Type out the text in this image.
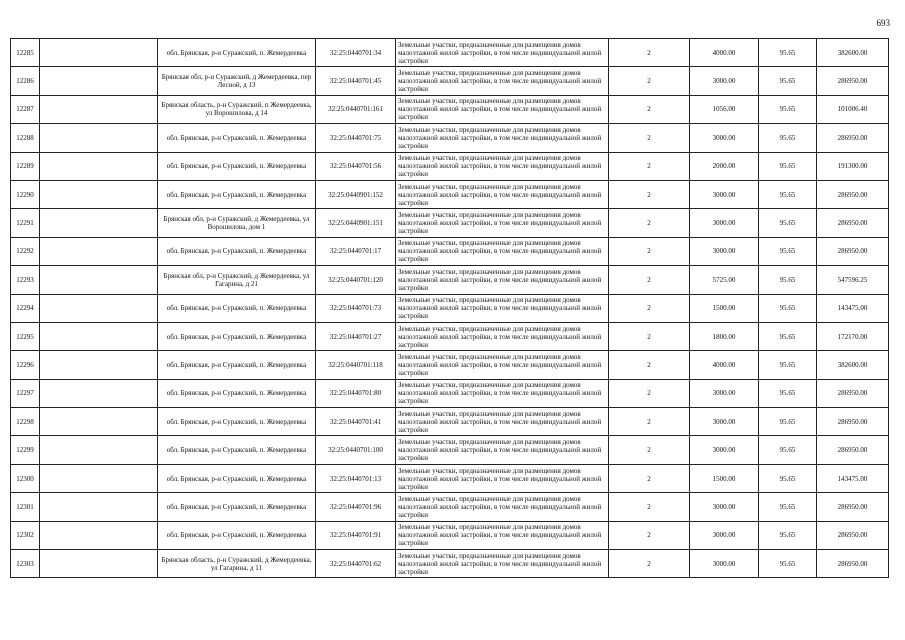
693
12285		обл. Брянская, р-н Суражский, п. Жемердеевка	32:25:0440701:34	Земельные участки, предназначенные для размещения домов малоэтажной жилой застройки, в том числе индивидуальной жилой застройки	2	4000.00	95.65	382600.00
12286		Брянская обл, р-н Суражский, д Жемердеевка, пер Лесной, д 13	32:25:0440701:45	Земельные участки, предназначенные для размещения домов малоэтажной жилой застройки, в том числе индивидуальной жилой застройки	2	3000.00	95.65	286950.00
12287		Брянская область, р-н Суражский, п Жемердеевка, ул Ворошилова, д 14	32:25:0440701:161	Земельные участки, предназначенные для размещения домов малоэтажной жилой застройки, в том числе индивидуальной жилой застройки	2	1056.00	95.65	101006.40
12288		обл. Брянская, р-н Суражский, п. Жемердеевка	32:25:0440701:75	Земельные участки, предназначенные для размещения домов малоэтажной жилой застройки, в том числе индивидуальной жилой застройки	2	3000.00	95.65	286950.00
12289		обл. Брянская, р-н Суражский, п. Жемердеевка	32:25:0440701:56	Земельные участки, предназначенные для размещения домов малоэтажной жилой застройки, в том числе индивидуальной жилой застройки	2	2000.00	95.65	191300.00
12290		обл. Брянская, р-н Суражский, п. Жемердеевка	32:25:0440901:152	Земельные участки, предназначенные для размещения домов малоэтажной жилой застройки, в том числе индивидуальной жилой застройки	2	3000.00	95.65	286950.00
12291		Брянская обл, р-н Суражский, д Жемердеевка, ул Ворошилова, дом 1	32:25:0440901:151	Земельные участки, предназначенные для размещения домов малоэтажной жилой застройки, в том числе индивидуальной жилой застройки	2	3000.00	95.65	286950.00
12292		обл. Брянская, р-н Суражский, п. Жемердеевка	32:25:0440701:17	Земельные участки, предназначенные для размещения домов малоэтажной жилой застройки, в том числе индивидуальной жилой застройки	2	3000.00	95.65	286950.00
12293		Брянская обл, р-н Суражский, д Жемердеевка, ул Гагарина, д 21	32:25:0440701:120	Земельные участки, предназначенные для размещения домов малоэтажной жилой застройки, в том числе индивидуальной жилой застройки	2	5725.00	95.65	547596.25
12294		обл. Брянская, р-н Суражский, п. Жемердеевка	32:25:0440701:73	Земельные участки, предназначенные для размещения домов малоэтажной жилой застройки, в том числе индивидуальной жилой застройки	2	1500.00	95.65	143475.00
12295		обл. Брянская, р-н Суражский, п. Жемердеевка	32:25:0440701:27	Земельные участки, предназначенные для размещения домов малоэтажной жилой застройки, в том числе индивидуальной жилой застройки	2	1800.00	95.65	172170.00
12296		обл. Брянская, р-н Суражский, п. Жемердеевка	32:25:0440701:118	Земельные участки, предназначенные для размещения домов малоэтажной жилой застройки, в том числе индивидуальной жилой застройки	2	4000.00	95.65	382600.00
12297		обл. Брянская, р-н Суражский, п. Жемердеевка	32:25:0440701:80	Земельные участки, предназначенные для размещения домов малоэтажной жилой застройки, в том числе индивидуальной жилой застройки	2	3000.00	95.65	286950.00
12298		обл. Брянская, р-н Суражский, п. Жемердеевка	32:25:0440701:41	Земельные участки, предназначенные для размещения домов малоэтажной жилой застройки, в том числе индивидуальной жилой застройки	2	3000.00	95.65	286950.00
12299		обл. Брянская, р-н Суражский, п. Жемердеевка	32:25:0440701:100	Земельные участки, предназначенные для размещения домов малоэтажной жилой застройки, в том числе индивидуальной жилой застройки	2	3000.00	95.65	286950.00
12300		обл. Брянская, р-н Суражский, п. Жемердеевка	32:25:0440701:13	Земельные участки, предназначенные для размещения домов малоэтажной жилой застройки, в том числе индивидуальной жилой застройки	2	1500.00	95.65	143475.00
12301		обл. Брянская, р-н Суражский, п. Жемердеевка	32:25:0440701:96	Земельные участки, предназначенные для размещения домов малоэтажной жилой застройки, в том числе индивидуальной жилой застройки	2	3000.00	95.65	286950.00
12302		обл. Брянская, р-н Суражский, п. Жемердеевка	32:25:0440701:91	Земельные участки, предназначенные для размещения домов малоэтажной жилой застройки, в том числе индивидуальной жилой застройки	2	3000.00	95.65	286950.00
12303		Брянская область, р-н Суражский, д Жемердеевка, ул Гагарина, д 11	32:25:0440701:62	Земельные участки, предназначенные для размещения домов малоэтажной жилой застройки, в том числе индивидуальной жилой застройки	2	3000.00	95.65	286950.00
